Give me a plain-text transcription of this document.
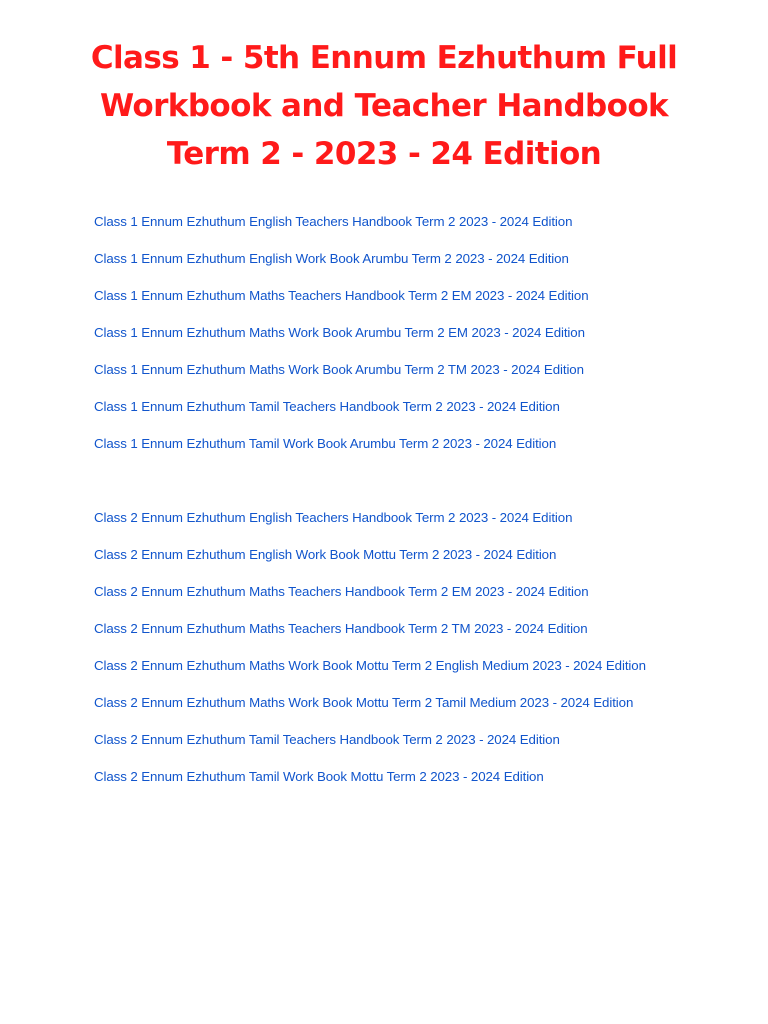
Class 1 - 5th Ennum Ezhuthum Full
Workbook and Teacher Handbook
Term 2 - 2023 - 24 Edition
Class 1 Ennum Ezhuthum English Teachers Handbook Term 2 2023 - 2024 Edition
Class 1 Ennum Ezhuthum English Work Book Arumbu Term 2 2023 - 2024 Edition
Class 1 Ennum Ezhuthum Maths Teachers Handbook Term 2 EM 2023 - 2024 Edition
Class 1 Ennum Ezhuthum Maths Work Book Arumbu Term 2 EM 2023 - 2024 Edition
Class 1 Ennum Ezhuthum Maths Work Book Arumbu Term 2 TM 2023 - 2024 Edition
Class 1 Ennum Ezhuthum Tamil Teachers Handbook Term 2 2023 - 2024 Edition
Class 1 Ennum Ezhuthum Tamil Work Book Arumbu Term 2 2023 - 2024 Edition
Class 2 Ennum Ezhuthum English Teachers Handbook Term 2 2023 - 2024 Edition
Class 2 Ennum Ezhuthum English Work Book Mottu Term 2 2023 - 2024 Edition
Class 2 Ennum Ezhuthum Maths Teachers Handbook Term 2 EM 2023 - 2024 Edition
Class 2 Ennum Ezhuthum Maths Teachers Handbook Term 2 TM 2023 - 2024 Edition
Class 2 Ennum Ezhuthum Maths Work Book Mottu Term 2 English Medium 2023 - 2024 Edition
Class 2 Ennum Ezhuthum Maths Work Book Mottu Term 2 Tamil Medium 2023 - 2024 Edition
Class 2 Ennum Ezhuthum Tamil Teachers Handbook Term 2 2023 - 2024 Edition
Class 2 Ennum Ezhuthum Tamil Work Book Mottu Term 2 2023 - 2024 Edition
